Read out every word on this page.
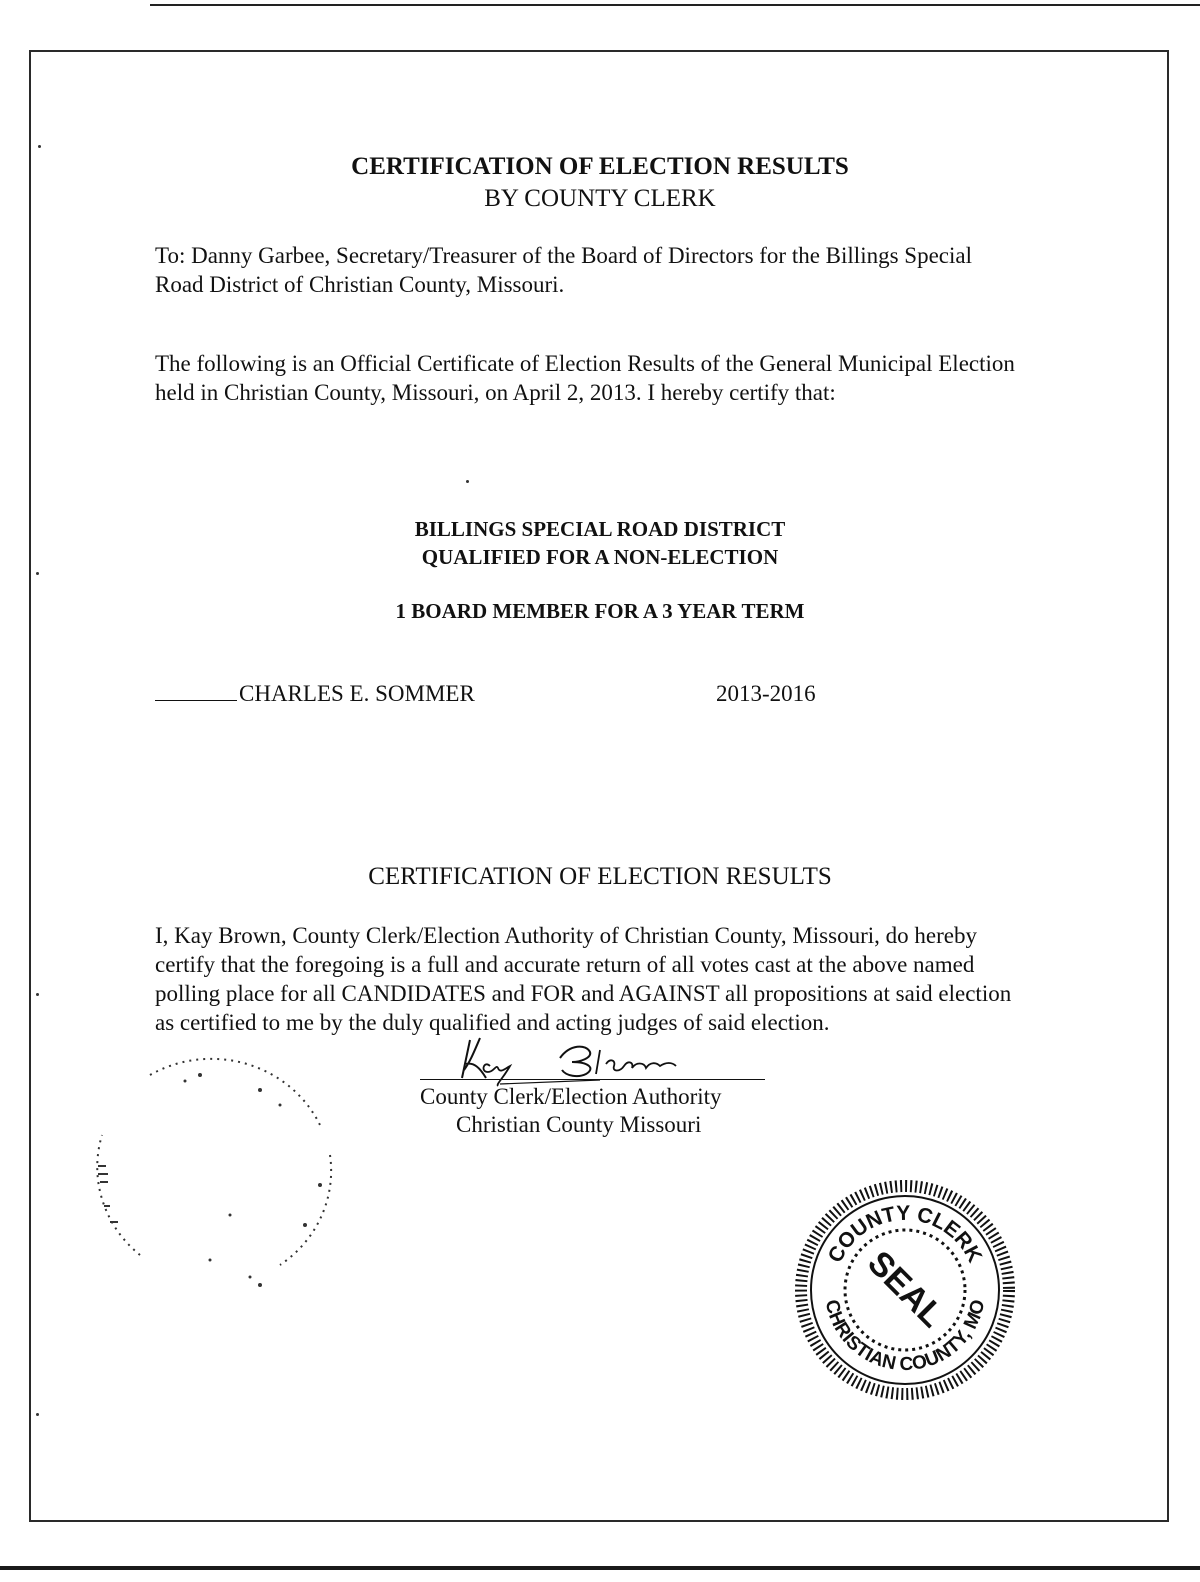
CERTIFICATION OF ELECTION RESULTS
BY COUNTY CLERK
To: Danny Garbee, Secretary/Treasurer of the Board of Directors for the Billings Special Road District of Christian County, Missouri.
The following is an Official Certificate of Election Results of the General Municipal Election held in Christian County, Missouri, on April 2, 2013. I hereby certify that:
BILLINGS SPECIAL ROAD DISTRICT
QUALIFIED FOR A NON-ELECTION
1 BOARD MEMBER FOR A 3 YEAR TERM
CHARLES E. SOMMER	2013-2016
CERTIFICATION OF ELECTION RESULTS
I, Kay Brown, County Clerk/Election Authority of Christian County, Missouri, do hereby certify that the foregoing is a full and accurate return of all votes cast at the above named polling place for all CANDIDATES and FOR and AGAINST all propositions at said election as certified to me by the duly qualified and acting judges of said election.
County Clerk/Election Authority
Christian County Missouri
COUNTY CLERK
CHRISTIAN COUNTY, MO
SEAL
